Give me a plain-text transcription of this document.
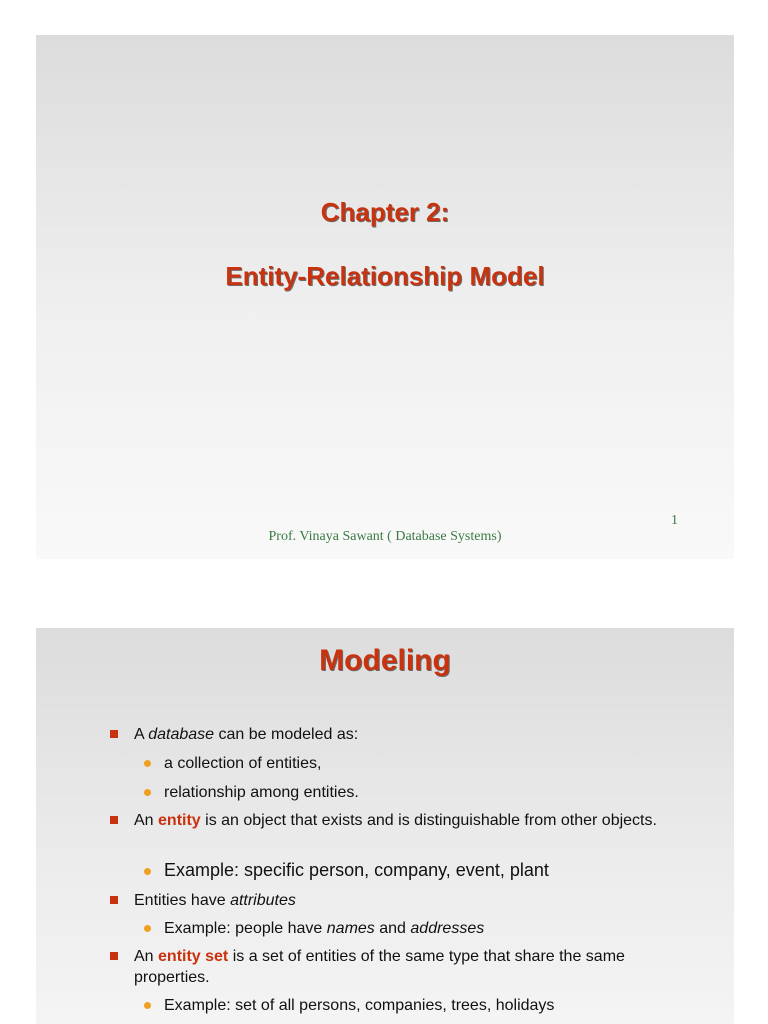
Chapter 2:
Entity-Relationship Model
1
Prof. Vinaya Sawant ( Database Systems)
Modeling
A database can be modeled as:
a collection of entities,
relationship among entities.
An entity is an object that exists and is distinguishable from other objects.
Example: specific person, company, event, plant
Entities have attributes
Example: people have names and addresses
An entity set is a set of entities of the same type that share the same properties.
Example: set of all persons, companies, trees, holidays
